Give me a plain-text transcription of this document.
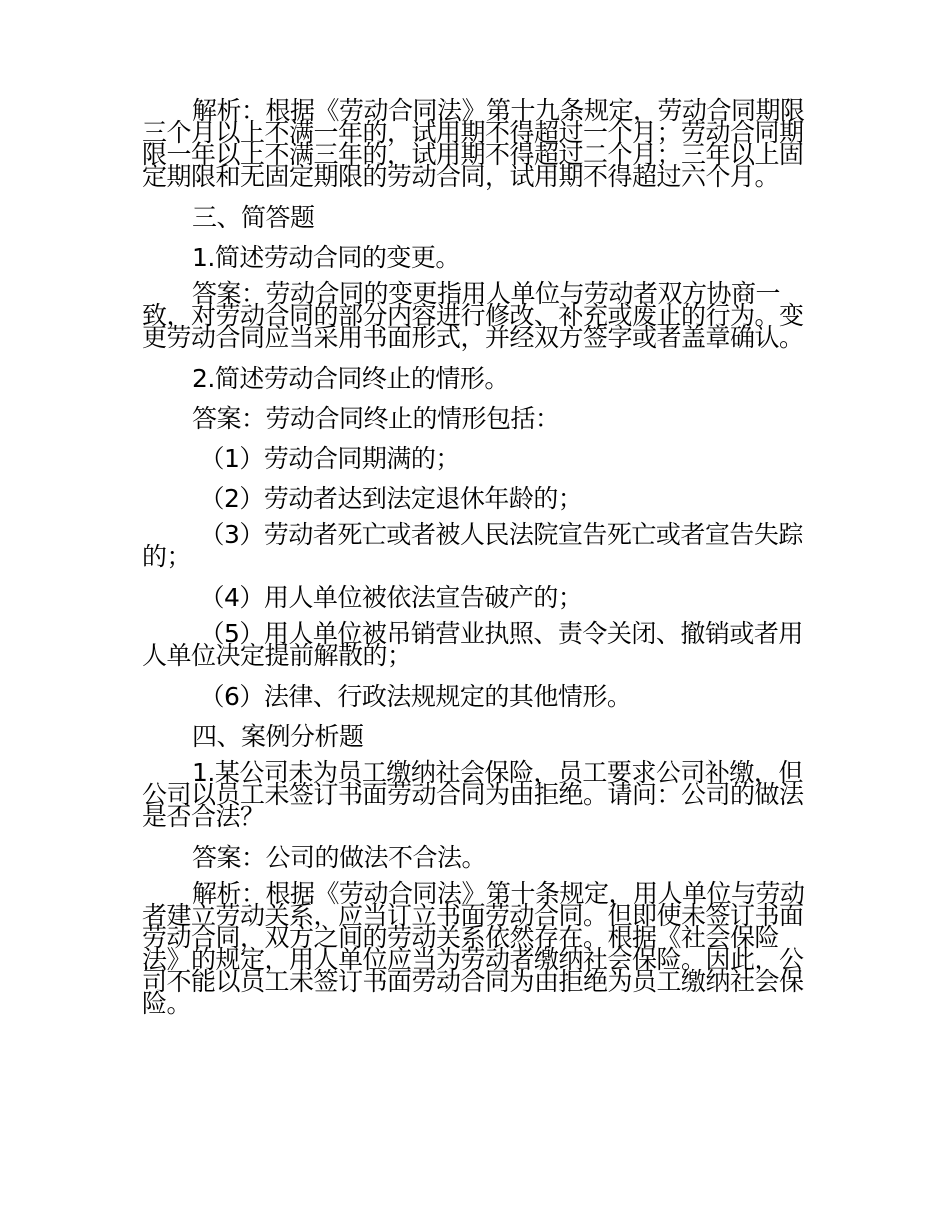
解析：根据《劳动合同法》第十九条规定，劳动合同期限三个月以上不满一年的，试用期不得超过一个月；劳动合同期限一年以上不满三年的，试用期不得超过二个月；三年以上固定期限和无固定期限的劳动合同，试用期不得超过六个月。

三、简答题

1.简述劳动合同的变更。

答案：劳动合同的变更指用人单位与劳动者双方协商一致，对劳动合同的部分内容进行修改、补充或废止的行为。变更劳动合同应当采用书面形式，并经双方签字或者盖章确认。

2.简述劳动合同终止的情形。

答案：劳动合同终止的情形包括：

（1）劳动合同期满的；

（2）劳动者达到法定退休年龄的；

（3）劳动者死亡或者被人民法院宣告死亡或者宣告失踪的；

（4）用人单位被依法宣告破产的；

（5）用人单位被吊销营业执照、责令关闭、撤销或者用人单位决定提前解散的；

（6）法律、行政法规规定的其他情形。

四、案例分析题

1.某公司未为员工缴纳社会保险，员工要求公司补缴，但公司以员工未签订书面劳动合同为由拒绝。请问：公司的做法是否合法？

答案：公司的做法不合法。

解析：根据《劳动合同法》第十条规定，用人单位与劳动者建立劳动关系，应当订立书面劳动合同。但即使未签订书面劳动合同，双方之间的劳动关系依然存在。根据《社会保险法》的规定，用人单位应当为劳动者缴纳社会保险。因此，公司不能以员工未签订书面劳动合同为由拒绝为员工缴纳社会保险。
